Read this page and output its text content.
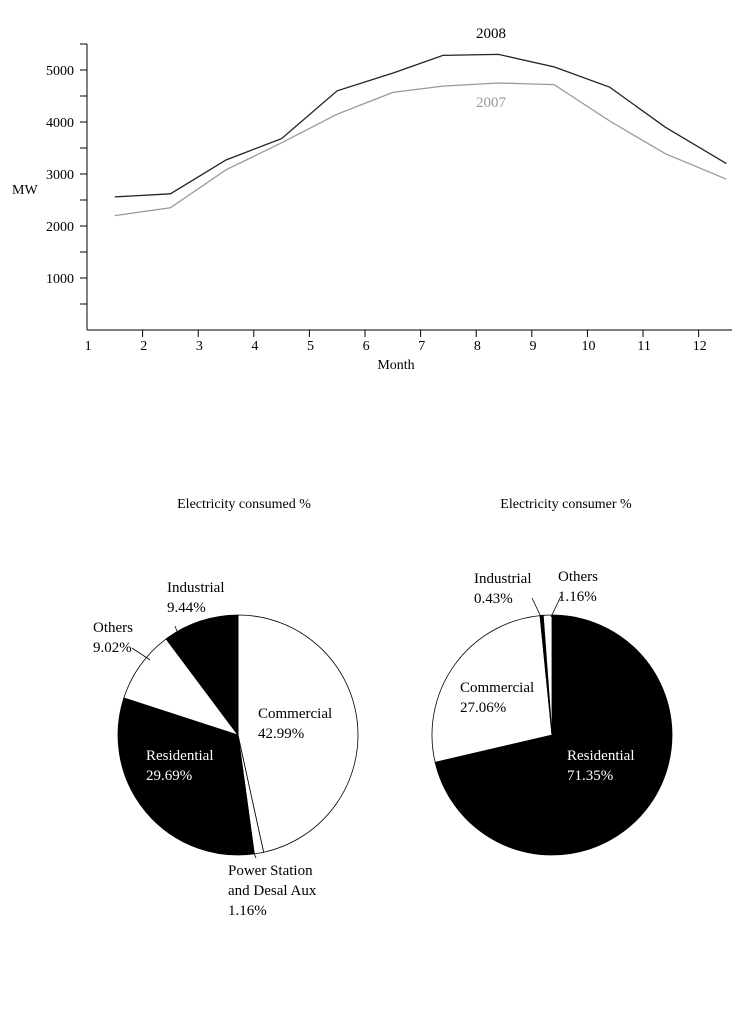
1000
2000
3000
4000
5000
1	2	3	4	5	6	7	8	9	10	11	12
MW
Month
2008
2007
Electricity consumed %
Commercial
42.99%
Residential
29.69%
Others
9.02%
Industrial
9.44%
Power Station
and Desal Aux
1.16%
Electricity consumer %
Residential
71.35%
Commercial
27.06%
Industrial
0.43%
Others
1.16%
